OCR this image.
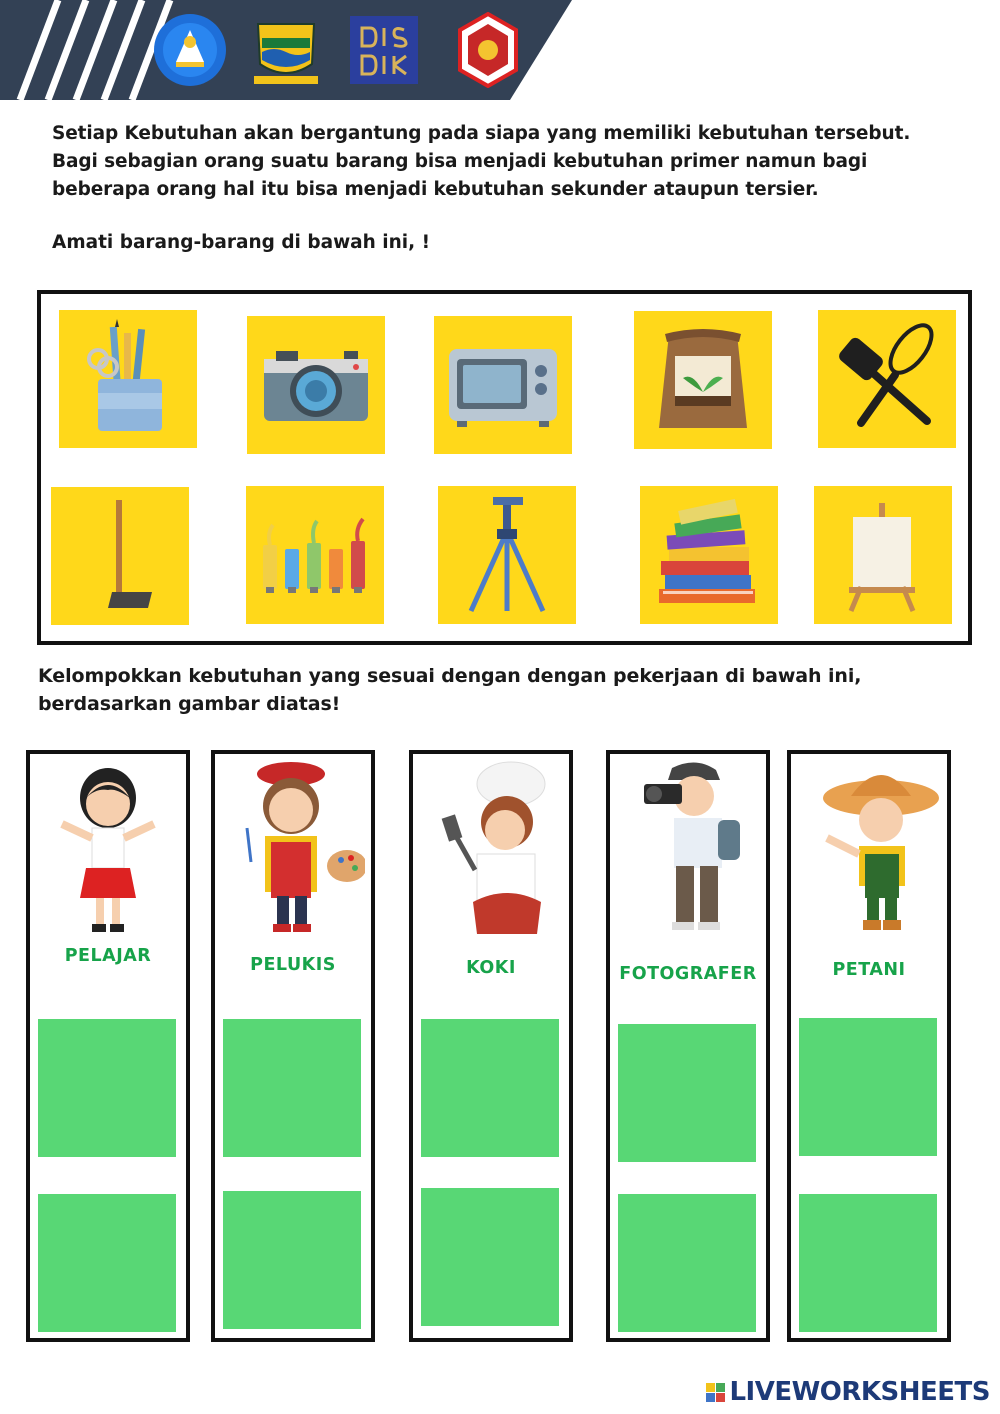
Setiap Kebutuhan akan bergantung pada siapa yang memiliki kebutuhan tersebut. Bagi sebagian orang suatu barang bisa menjadi kebutuhan primer namun bagi beberapa orang hal itu bisa menjadi kebutuhan sekunder ataupun tersier.

Amati barang-barang di bawah ini, !

Kelompokkan kebutuhan yang sesuai dengan dengan pekerjaan di bawah ini, berdasarkan gambar diatas!

PELAJAR	PELUKIS	KOKI	FOTOGRAFER	PETANI
LIVEWORKSHEETS
